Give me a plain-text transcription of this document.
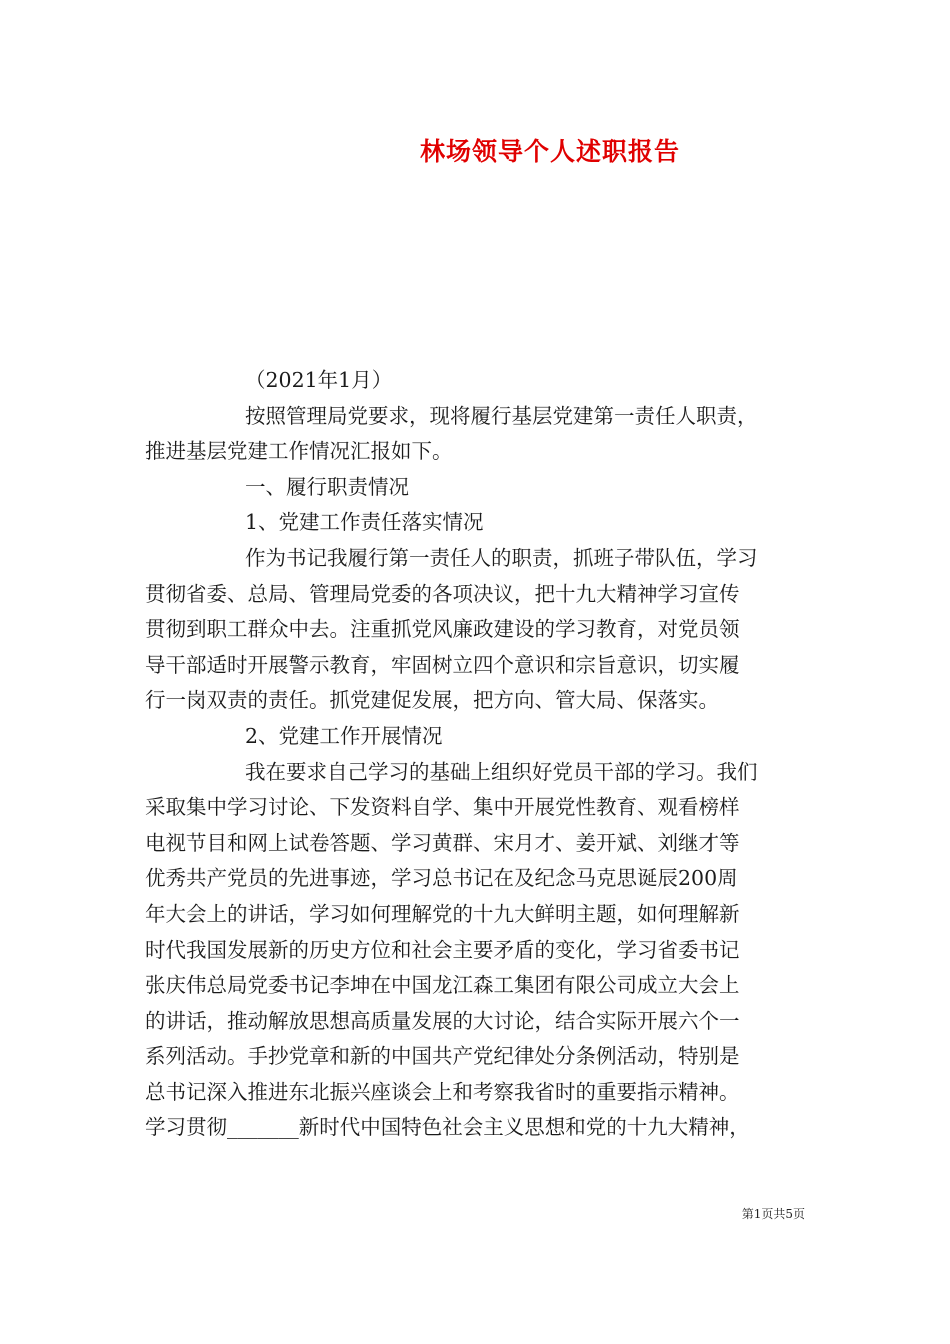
林场领导个人述职报告
（2021年1月）
按照管理局党要求，现将履行基层党建第一责任人职责，
推进基层党建工作情况汇报如下。
一、履行职责情况
1、党建工作责任落实情况
作为书记我履行第一责任人的职责，抓班子带队伍，学习
贯彻省委、总局、管理局党委的各项决议，把十九大精神学习宣传
贯彻到职工群众中去。注重抓党风廉政建设的学习教育，对党员领
导干部适时开展警示教育，牢固树立四个意识和宗旨意识，切实履
行一岗双责的责任。抓党建促发展，把方向、管大局、保落实。
2、党建工作开展情况
我在要求自己学习的基础上组织好党员干部的学习。我们
采取集中学习讨论、下发资料自学、集中开展党性教育、观看榜样
电视节目和网上试卷答题、学习黄群、宋月才、姜开斌、刘继才等
优秀共产党员的先进事迹，学习总书记在及纪念马克思诞辰200周
年大会上的讲话，学习如何理解党的十九大鲜明主题，如何理解新
时代我国发展新的历史方位和社会主要矛盾的变化，学习省委书记
张庆伟总局党委书记李坤在中国龙江森工集团有限公司成立大会上
的讲话，推动解放思想高质量发展的大讨论，结合实际开展六个一
系列活动。手抄党章和新的中国共产党纪律处分条例活动，特别是
总书记深入推进东北振兴座谈会上和考察我省时的重要指示精神。
学习贯彻_______新时代中国特色社会主义思想和党的十九大精神，
第1页共5页
